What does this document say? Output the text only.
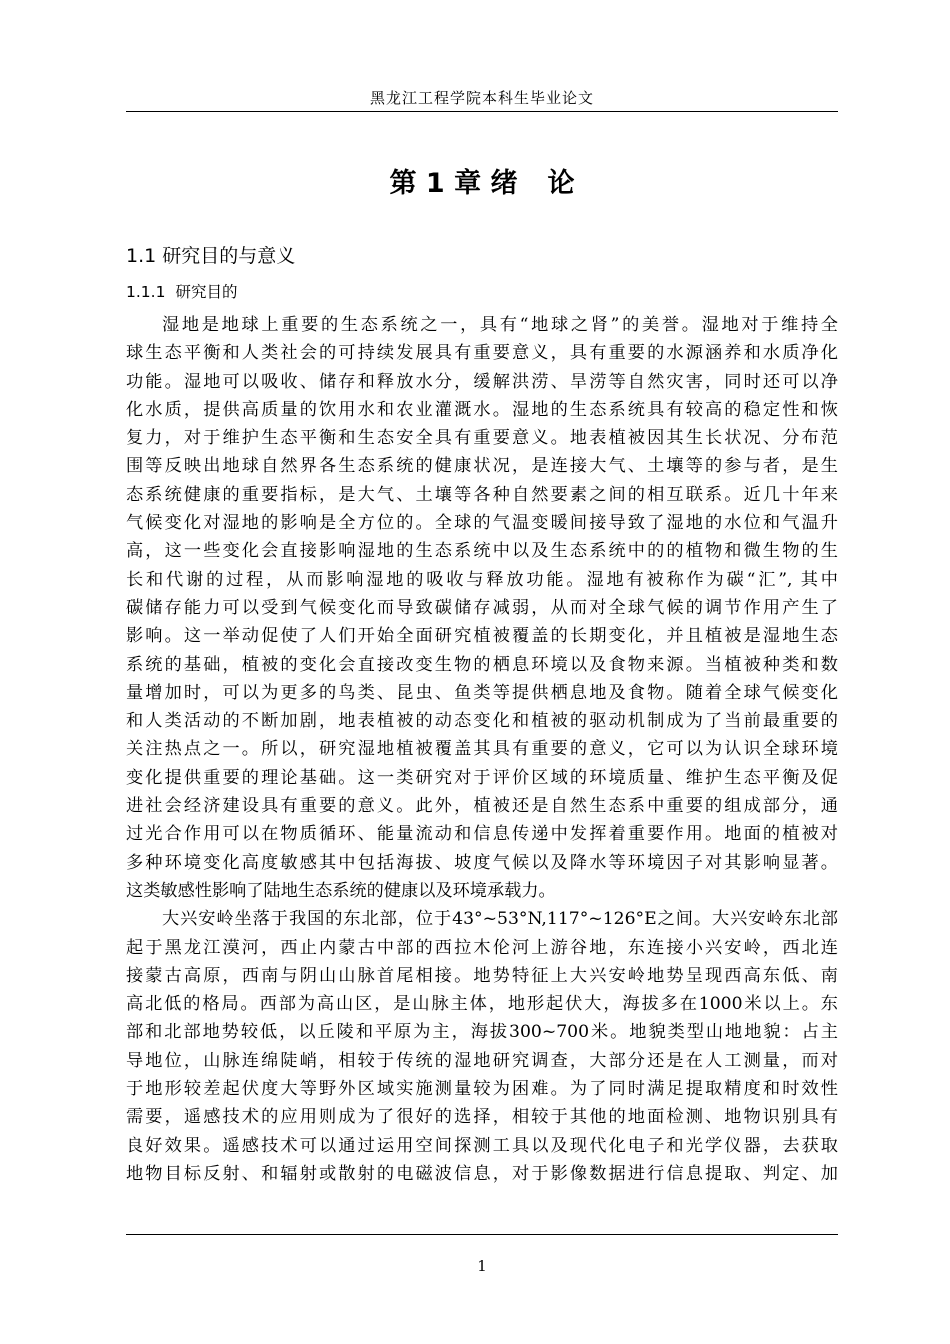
黑龙江工程学院本科生毕业论文
第 1 章 绪 论
1.1 研究目的与意义
1.1.1 研究目的
湿地是地球上重要的生态系统之一，具有“地球之肾”的美誉。湿地对于维持全
球生态平衡和人类社会的可持续发展具有重要意义，具有重要的水源涵养和水质净化
功能。湿地可以吸收、储存和释放水分，缓解洪涝、旱涝等自然灾害，同时还可以净
化水质，提供高质量的饮用水和农业灌溉水。湿地的生态系统具有较高的稳定性和恢
复力，对于维护生态平衡和生态安全具有重要意义。地表植被因其生长状况、分布范
围等反映出地球自然界各生态系统的健康状况，是连接大气、土壤等的参与者，是生
态系统健康的重要指标，是大气、土壤等各种自然要素之间的相互联系。近几十年来
气候变化对湿地的影响是全方位的。全球的气温变暖间接导致了湿地的水位和气温升
高，这一些变化会直接影响湿地的生态系统中以及生态系统中的的植物和微生物的生
长和代谢的过程，从而影响湿地的吸收与释放功能。湿地有被称作为碳“汇”, 其中
碳储存能力可以受到气候变化而导致碳储存减弱，从而对全球气候的调节作用产生了
影响。这一举动促使了人们开始全面研究植被覆盖的长期变化，并且植被是湿地生态
系统的基础，植被的变化会直接改变生物的栖息环境以及食物来源。当植被种类和数
量增加时，可以为更多的鸟类、昆虫、鱼类等提供栖息地及食物。随着全球气候变化
和人类活动的不断加剧，地表植被的动态变化和植被的驱动机制成为了当前最重要的
关注热点之一。所以，研究湿地植被覆盖其具有重要的意义，它可以为认识全球环境
变化提供重要的理论基础。这一类研究对于评价区域的环境质量、维护生态平衡及促
进社会经济建设具有重要的意义。此外，植被还是自然生态系中重要的组成部分，通
过光合作用可以在物质循环、能量流动和信息传递中发挥着重要作用。地面的植被对
多种环境变化高度敏感其中包括海拔、坡度气候以及降水等环境因子对其影响显著。
这类敏感性影响了陆地生态系统的健康以及环境承载力。
大兴安岭坐落于我国的东北部，位于43°~53°N,117°~126°E之间。大兴安岭东北部
起于黑龙江漠河，西止内蒙古中部的西拉木伦河上游谷地，东连接小兴安岭，西北连
接蒙古高原，西南与阴山山脉首尾相接。地势特征上大兴安岭地势呈现西高东低、南
高北低的格局。西部为高山区，是山脉主体，地形起伏大，海拔多在1000米以上。东
部和北部地势较低，以丘陵和平原为主，海拔300~700米。地貌类型山地地貌：占主
导地位，山脉连绵陡峭，相较于传统的湿地研究调查，大部分还是在人工测量，而对
于地形较差起伏度大等野外区域实施测量较为困难。为了同时满足提取精度和时效性
需要，遥感技术的应用则成为了很好的选择，相较于其他的地面检测、地物识别具有
良好效果。遥感技术可以通过运用空间探测工具以及现代化电子和光学仪器，去获取
地物目标反射、和辐射或散射的电磁波信息，对于影像数据进行信息提取、判定、加
1
